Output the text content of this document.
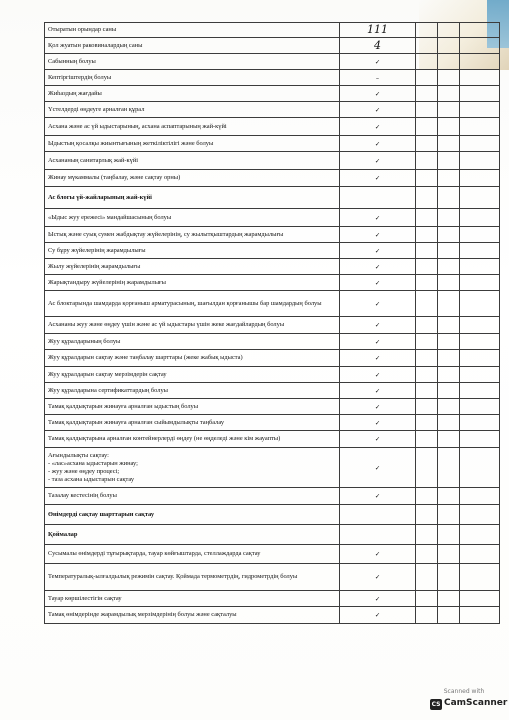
Отыратын орындар саны	111			
Қол жуатын раковиналардың саны	4			
Сабынның болуы	✓			
Кептіргіштердің болуы	–			
Жиһаздың жағдайы	✓			
Үстелдерді өңдеуге арналған құрал	✓			
Асхана және ас үй ыдыстарының, асхана аспаптарының жай-күйі	✓			
Ыдыстың қосалқы жиынтығының жеткіліктілігі және болуы	✓			
Асхананың санитарлық жай-күйі	✓			
Жинау мүкаммалы (таңбалау, және сақтау орны)	✓			
Ас блогы үй-жайларының жай-күйі				
«Ыдыс жуу ережесі» мандайшасының болуы	✓			
Ыстық және суық сумен жабдықтау жүйелерінің, су жылытқыштардың жарамдылығы	✓			
Су бұру жүйелерінің жарамдылығы	✓			
Жылу жүйелерінің жарамдылығы	✓			
Жарықтандыру жүйелерінің жарамдылығы	✓			
Ас блоктарында шамдарда қорғаныш арматурасының, шағылдан қорғанышы бар шамдардың болуы	✓			
Асхананы жуу және өңдеу үшін және ас үй ыдыстары үшін жеке жағдайлардың болуы	✓			
Жуу құралдарының болуы	✓			
Жуу құралдарын сақтау және таңбалау шарттары (жеке жабық ыдыста)	✓			
Жуу құралдарын сақтау мерзімдерін сақтау	✓			
Жуу құралдарына сертификаттардың болуы	✓			
Тамақ қалдықтарын жинауға арналған ыдыстың болуы	✓			
Тамақ қалдықтарын жинауға арналған сыйымдылықты таңбалау	✓			
Тамақ қалдықтарына арналған контейнерлерді өңдеу (не өңделеді және кім жауапты)	✓			
Ағындылықты сақтау:
- «лас»асхана ыдыстарын жинау;
- жуу және өңдеу процесі;
- таза асхана ыдыстарын сақтау	✓			
Тазалау кестесінің болуы	✓			
Өнімдерді сақтау шарттарын сақтау				
Қоймалар				
Сусымалы өнімдерді тұғырықтарда, тауар көйғыштарда, стеллаждарда сақтау	✓			
Температуралық-ылғалдылық режимін сақтау. Қоймада термометрдің, гидрометрдің болуы	✓			
Тауар көршілестігін сақтау	✓			
Тамақ өнімдерінде жарамдылық мерзімдерінің болуы және сақталуы	✓			
Scanned with
CS CamScanner
